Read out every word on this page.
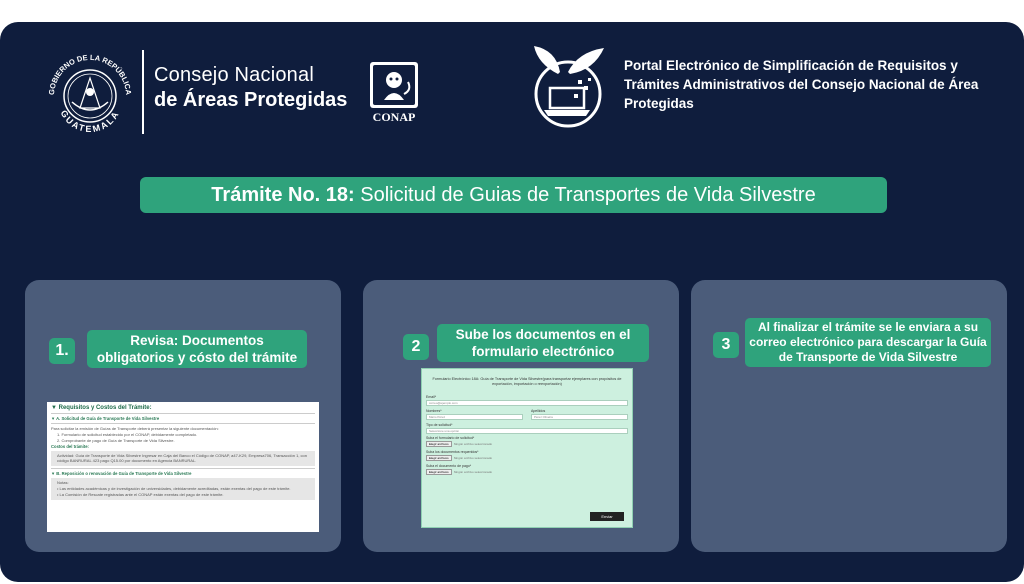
GOBIERNO DE LA REPÚBLICA
GUATEMALA
Consejo Nacional
de Áreas Protegidas
CONAP
Portal Electrónico de Simplificación de Requisitos y Trámites Administrativos del Consejo Nacional de Área Protegidas
Trámite No. 18: Solicitud de Guias de Transportes de Vida Silvestre
1.
Revisa: Documentos obligatorios y cósto del trámite
▼ Requisitos y Costos del Trámite:
▼ A. Solicitud de Guía de Transporte de Vida Silvestre
Para solicitar la emisión de Guías de Transporte deberá presentar la siguiente documentación:
1. Formulario de solicitud establecido por el CONAP, debidamente completado.
2. Comprobante de pago de Guía de Transporte de Vida Silvestre.
Costos del trámite:
Actividad: Guía de Transporte de Vida Silvestre Ingresar en Caja del Banco el Código de CONAP, a47-K29, Empresa706, Transacción 1, con código BANRURAL 423 pago Q15.00 por documento en Agencia BANRURAL.
▼ B. Reposición o renovación de Guía de Transporte de Vida Silvestre
Notas:
• Las entidades académicas y de investigación de universidades, debidamente acreditadas, están exentas del pago de este trámite.
• La Comisión de Rescate registradas ante el CONAP están exentas del pago de este trámite.
2
Sube los documentos en el formulario electrónico
Formulario Electrónico 18A: Guía de Transporte de Vida Silvestre(para transportar ejemplares con propósitos de exportación, importación o reexportación)
Email*
correo@ejemplo.com
Nombres*
Mario Pérez
Apellidos
Pérez Oliveira
Tipo de solicitud*
Seleccione una opción
Suba el formulario de solicitud*
Elegir archivos	Ningún archivo seleccionado
Suba los documentos requeridos*
Elegir archivos	Ningún archivo seleccionado
Suba el documento de pago*
Elegir archivos	Ningún archivo seleccionado
Enviar
3
Al finalizar el trámite se le enviara a su correo electrónico para descargar la Guía de Transporte de Vida Silvestre
